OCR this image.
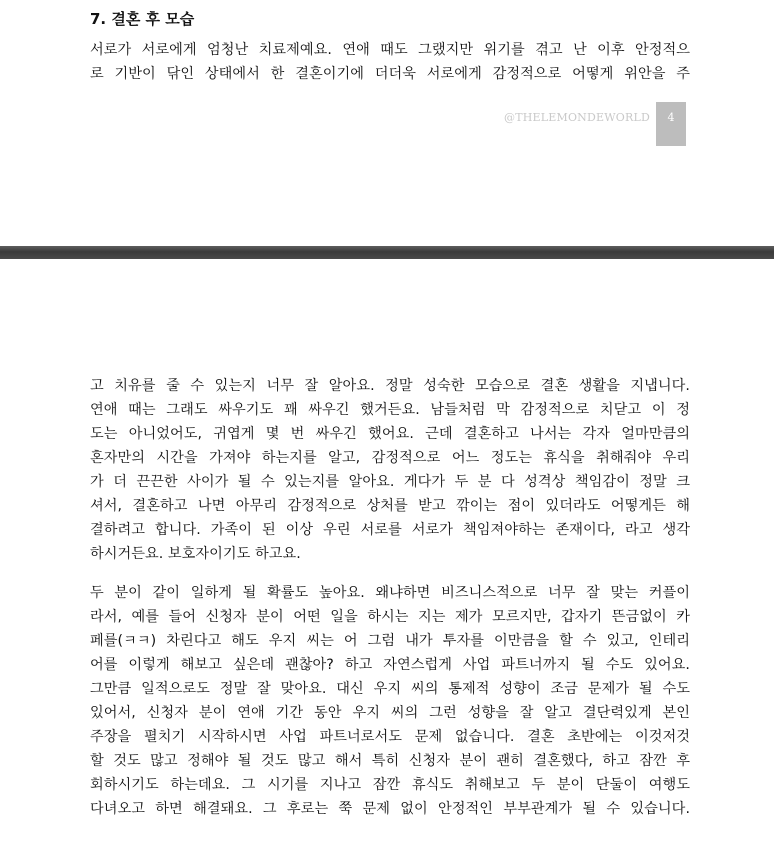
7. 결혼 후 모습
서로가 서로에게 엄청난 치료제예요. 연애 때도 그랬지만 위기를 겪고 난 이후 안정적으
로 기반이 닦인 상태에서 한 결혼이기에 더더욱 서로에게 감정적으로 어떻게 위안을 주
@THELEMONDEWORLD	4
고 치유를 줄 수 있는지 너무 잘 알아요. 정말 성숙한 모습으로 결혼 생활을 지냅니다.
연애 때는 그래도 싸우기도 꽤 싸우긴 했거든요. 남들처럼 막 감정적으로 치닫고 이 정
도는 아니었어도, 귀엽게 몇 번 싸우긴 했어요. 근데 결혼하고 나서는 각자 얼마만큼의
혼자만의 시간을 가져야 하는지를 알고, 감정적으로 어느 정도는 휴식을 취해줘야 우리
가 더 끈끈한 사이가 될 수 있는지를 알아요. 게다가 두 분 다 성격상 책임감이 정말 크
셔서, 결혼하고 나면 아무리 감정적으로 상처를 받고 깎이는 점이 있더라도 어떻게든 해
결하려고 합니다. 가족이 된 이상 우린 서로를 서로가 책임져야하는 존재이다, 라고 생각
하시거든요. 보호자이기도 하고요.
두 분이 같이 일하게 될 확률도 높아요. 왜냐하면 비즈니스적으로 너무 잘 맞는 커플이
라서, 예를 들어 신청자 분이 어떤 일을 하시는 지는 제가 모르지만, 갑자기 뜬금없이 카
페를(ㅋㅋ) 차린다고 해도 우지 씨는 어 그럼 내가 투자를 이만큼을 할 수 있고, 인테리
어를 이렇게 해보고 싶은데 괜찮아? 하고 자연스럽게 사업 파트너까지 될 수도 있어요.
그만큼 일적으로도 정말 잘 맞아요. 대신 우지 씨의 통제적 성향이 조금 문제가 될 수도
있어서, 신청자 분이 연애 기간 동안 우지 씨의 그런 성향을 잘 알고 결단력있게 본인
주장을 펼치기 시작하시면 사업 파트너로서도 문제 없습니다. 결혼 초반에는 이것저것
할 것도 많고 정해야 될 것도 많고 해서 특히 신청자 분이 괜히 결혼했다, 하고 잠깐 후
회하시기도 하는데요. 그 시기를 지나고 잠깐 휴식도 취해보고 두 분이 단둘이 여행도
다녀오고 하면 해결돼요. 그 후로는 쭉 문제 없이 안정적인 부부관계가 될 수 있습니다.
